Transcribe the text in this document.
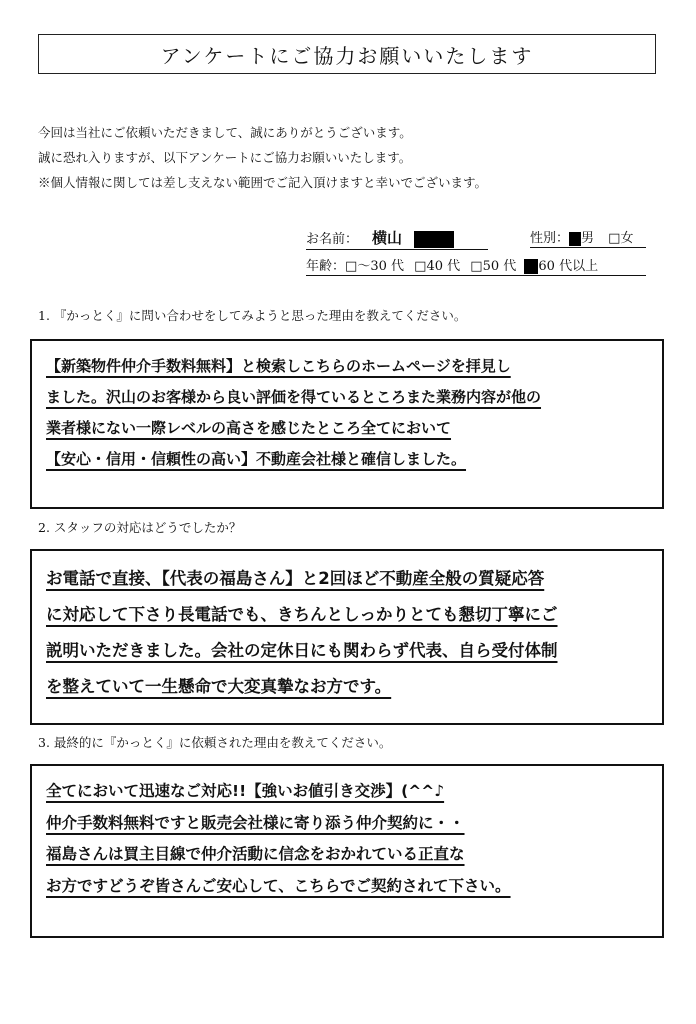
アンケートにご協力お願いいたします
今回は当社にご依頼いただきまして、誠にありがとうございます。
誠に恐れ入りますが、以下アンケートにご協力お願いいたします。
※個人情報に関しては差し支えない範囲でご記入頂けますと幸いでございます。
お名前： 横山	性別： 男 □女
年齢：□～30 代 □40 代 □50 代 60 代以上
1. 『かっとく』に問い合わせをしてみようと思った理由を教えてください。
【新築物件仲介手数料無料】と検索しこちらのホームページを拝見し
ました。沢山のお客様から良い評価を得ているところまた業務内容が他の
業者様にない一際レベルの高さを感じたところ全てにおいて
【安心・信用・信頼性の高い】不動産会社様と確信しました。
2. スタッフの対応はどうでしたか？
お電話で直接、【代表の福島さん】と2回ほど不動産全般の質疑応答
に対応して下さり長電話でも、きちんとしっかりとても懇切丁寧にご
説明いただきました。会社の定休日にも関わらず代表、自ら受付体制
を整えていて一生懸命で大変真摯なお方です。
3. 最終的に『かっとく』に依頼された理由を教えてください。
全てにおいて迅速なご対応!!【強いお値引き交渉】(^^♪
仲介手数料無料ですと販売会社様に寄り添う仲介契約に・・
福島さんは買主目線で仲介活動に信念をおかれている正直な
お方ですどうぞ皆さんご安心して、こちらでご契約されて下さい。
